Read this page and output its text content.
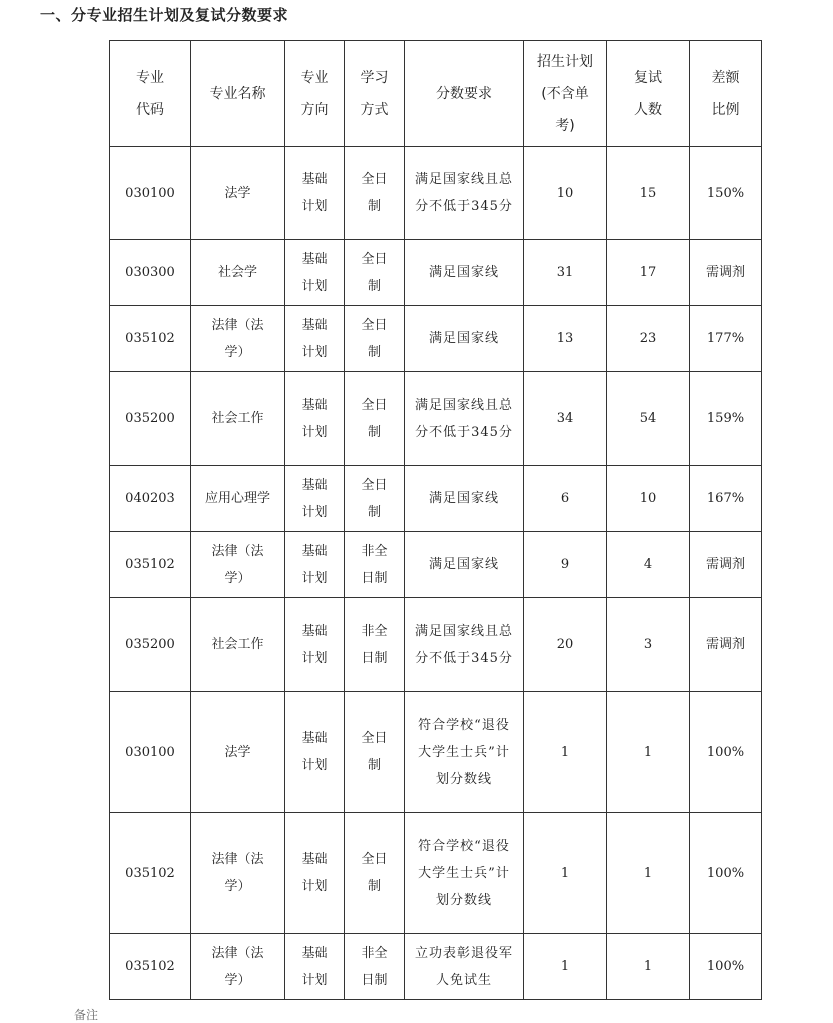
一、分专业招生计划及复试分数要求
专业代码	专业名称	专业方向	学习方式	分数要求	招生计划(不含单考)	复试人数	差额比例
030100	法学	基础计划	全日制	满足国家线且总分不低于345分	10	15	150%
030300	社会学	基础计划	全日制	满足国家线	31	17	需调剂
035102	法律（法学）	基础计划	全日制	满足国家线	13	23	177%
035200	社会工作	基础计划	全日制	满足国家线且总分不低于345分	34	54	159%
040203	应用心理学	基础计划	全日制	满足国家线	6	10	167%
035102	法律（法学）	基础计划	非全日制	满足国家线	9	4	需调剂
035200	社会工作	基础计划	非全日制	满足国家线且总分不低于345分	20	3	需调剂
030100	法学	基础计划	全日制	符合学校“退役大学生士兵”计划分数线	1	1	100%
035102	法律（法学）	基础计划	全日制	符合学校“退役大学生士兵”计划分数线	1	1	100%
035102	法律（法学）	基础计划	非全日制	立功表彰退役军人免试生	1	1	100%
备注
